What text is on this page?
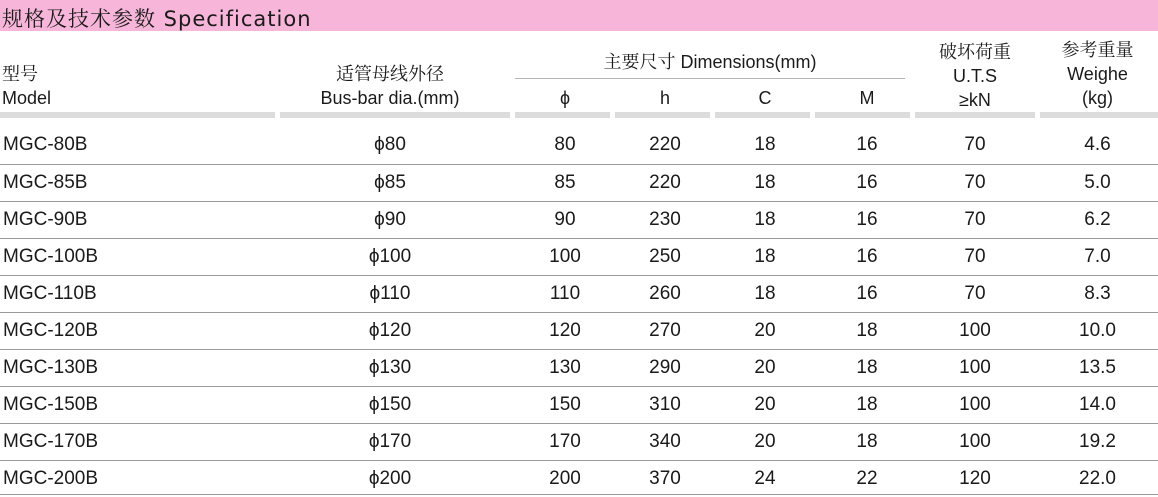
规格及技术参数 Specification
型号
Model
适管母线外径
Bus-bar dia.(mm)
主要尺寸 Dimensions(mm)
ϕ	h	C	M
破坏荷重
U.T.S
≥kN
参考重量
Weighe
(kg)
MGC-80B	ϕ80	80	220	18	16	70	4.6
MGC-85B	ϕ85	85	220	18	16	70	5.0
MGC-90B	ϕ90	90	230	18	16	70	6.2
MGC-100B	ϕ100	100	250	18	16	70	7.0
MGC-110B	ϕ110	110	260	18	16	70	8.3
MGC-120B	ϕ120	120	270	20	18	100	10.0
MGC-130B	ϕ130	130	290	20	18	100	13.5
MGC-150B	ϕ150	150	310	20	18	100	14.0
MGC-170B	ϕ170	170	340	20	18	100	19.2
MGC-200B	ϕ200	200	370	24	22	120	22.0
